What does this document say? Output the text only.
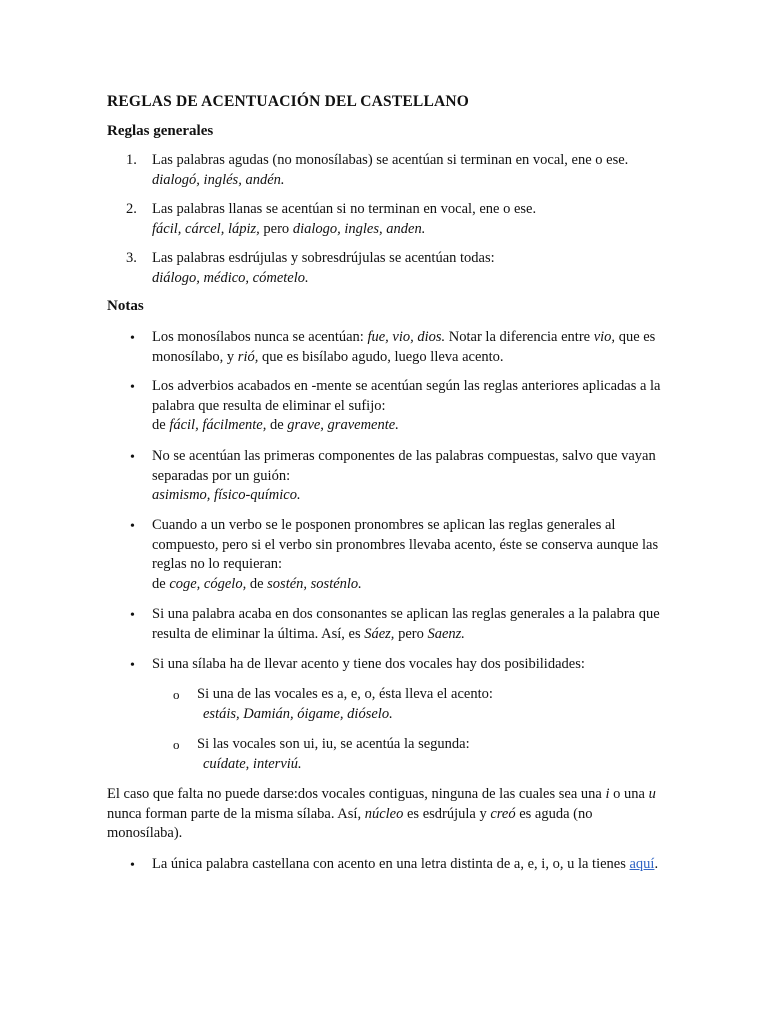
REGLAS DE ACENTUACIÓN DEL CASTELLANO
Reglas generales
1. Las palabras agudas (no monosílabas) se acentúan si terminan en vocal, ene o ese.
dialogó, inglés, andén.
2. Las palabras llanas se acentúan si no terminan en vocal, ene o ese.
fácil, cárcel, lápiz, pero dialogo, ingles, anden.
3. Las palabras esdrújulas y sobresdrújulas se acentúan todas:
diálogo, médico, cómetelo.
Notas
• Los monosílabos nunca se acentúan: fue, vio, dios. Notar la diferencia entre vio, que es monosílabo, y rió, que es bisílabo agudo, luego lleva acento.
• Los adverbios acabados en -mente se acentúan según las reglas anteriores aplicadas a la palabra que resulta de eliminar el sufijo:
de fácil, fácilmente, de grave, gravemente.
• No se acentúan las primeras componentes de las palabras compuestas, salvo que vayan separadas por un guión:
asimismo, físico-químico.
• Cuando a un verbo se le posponen pronombres se aplican las reglas generales al compuesto, pero si el verbo sin pronombres llevaba acento, éste se conserva aunque las reglas no lo requieran:
de coge, cógelo, de sostén, sosténlo.
• Si una palabra acaba en dos consonantes se aplican las reglas generales a la palabra que resulta de eliminar la última. Así, es Sáez, pero Saenz.
• Si una sílaba ha de llevar acento y tiene dos vocales hay dos posibilidades:
o Si una de las vocales es a, e, o, ésta lleva el acento:
estáis, Damián, óigame, dióselo.
o Si las vocales son ui, iu, se acentúa la segunda:
cuídate, interviú.
El caso que falta no puede darse:dos vocales contiguas, ninguna de las cuales sea una i o una u nunca forman parte de la misma sílaba. Así, núcleo es esdrújula y creó es aguda (no monosílaba).
• La única palabra castellana con acento en una letra distinta de a, e, i, o, u la tienes aquí.
